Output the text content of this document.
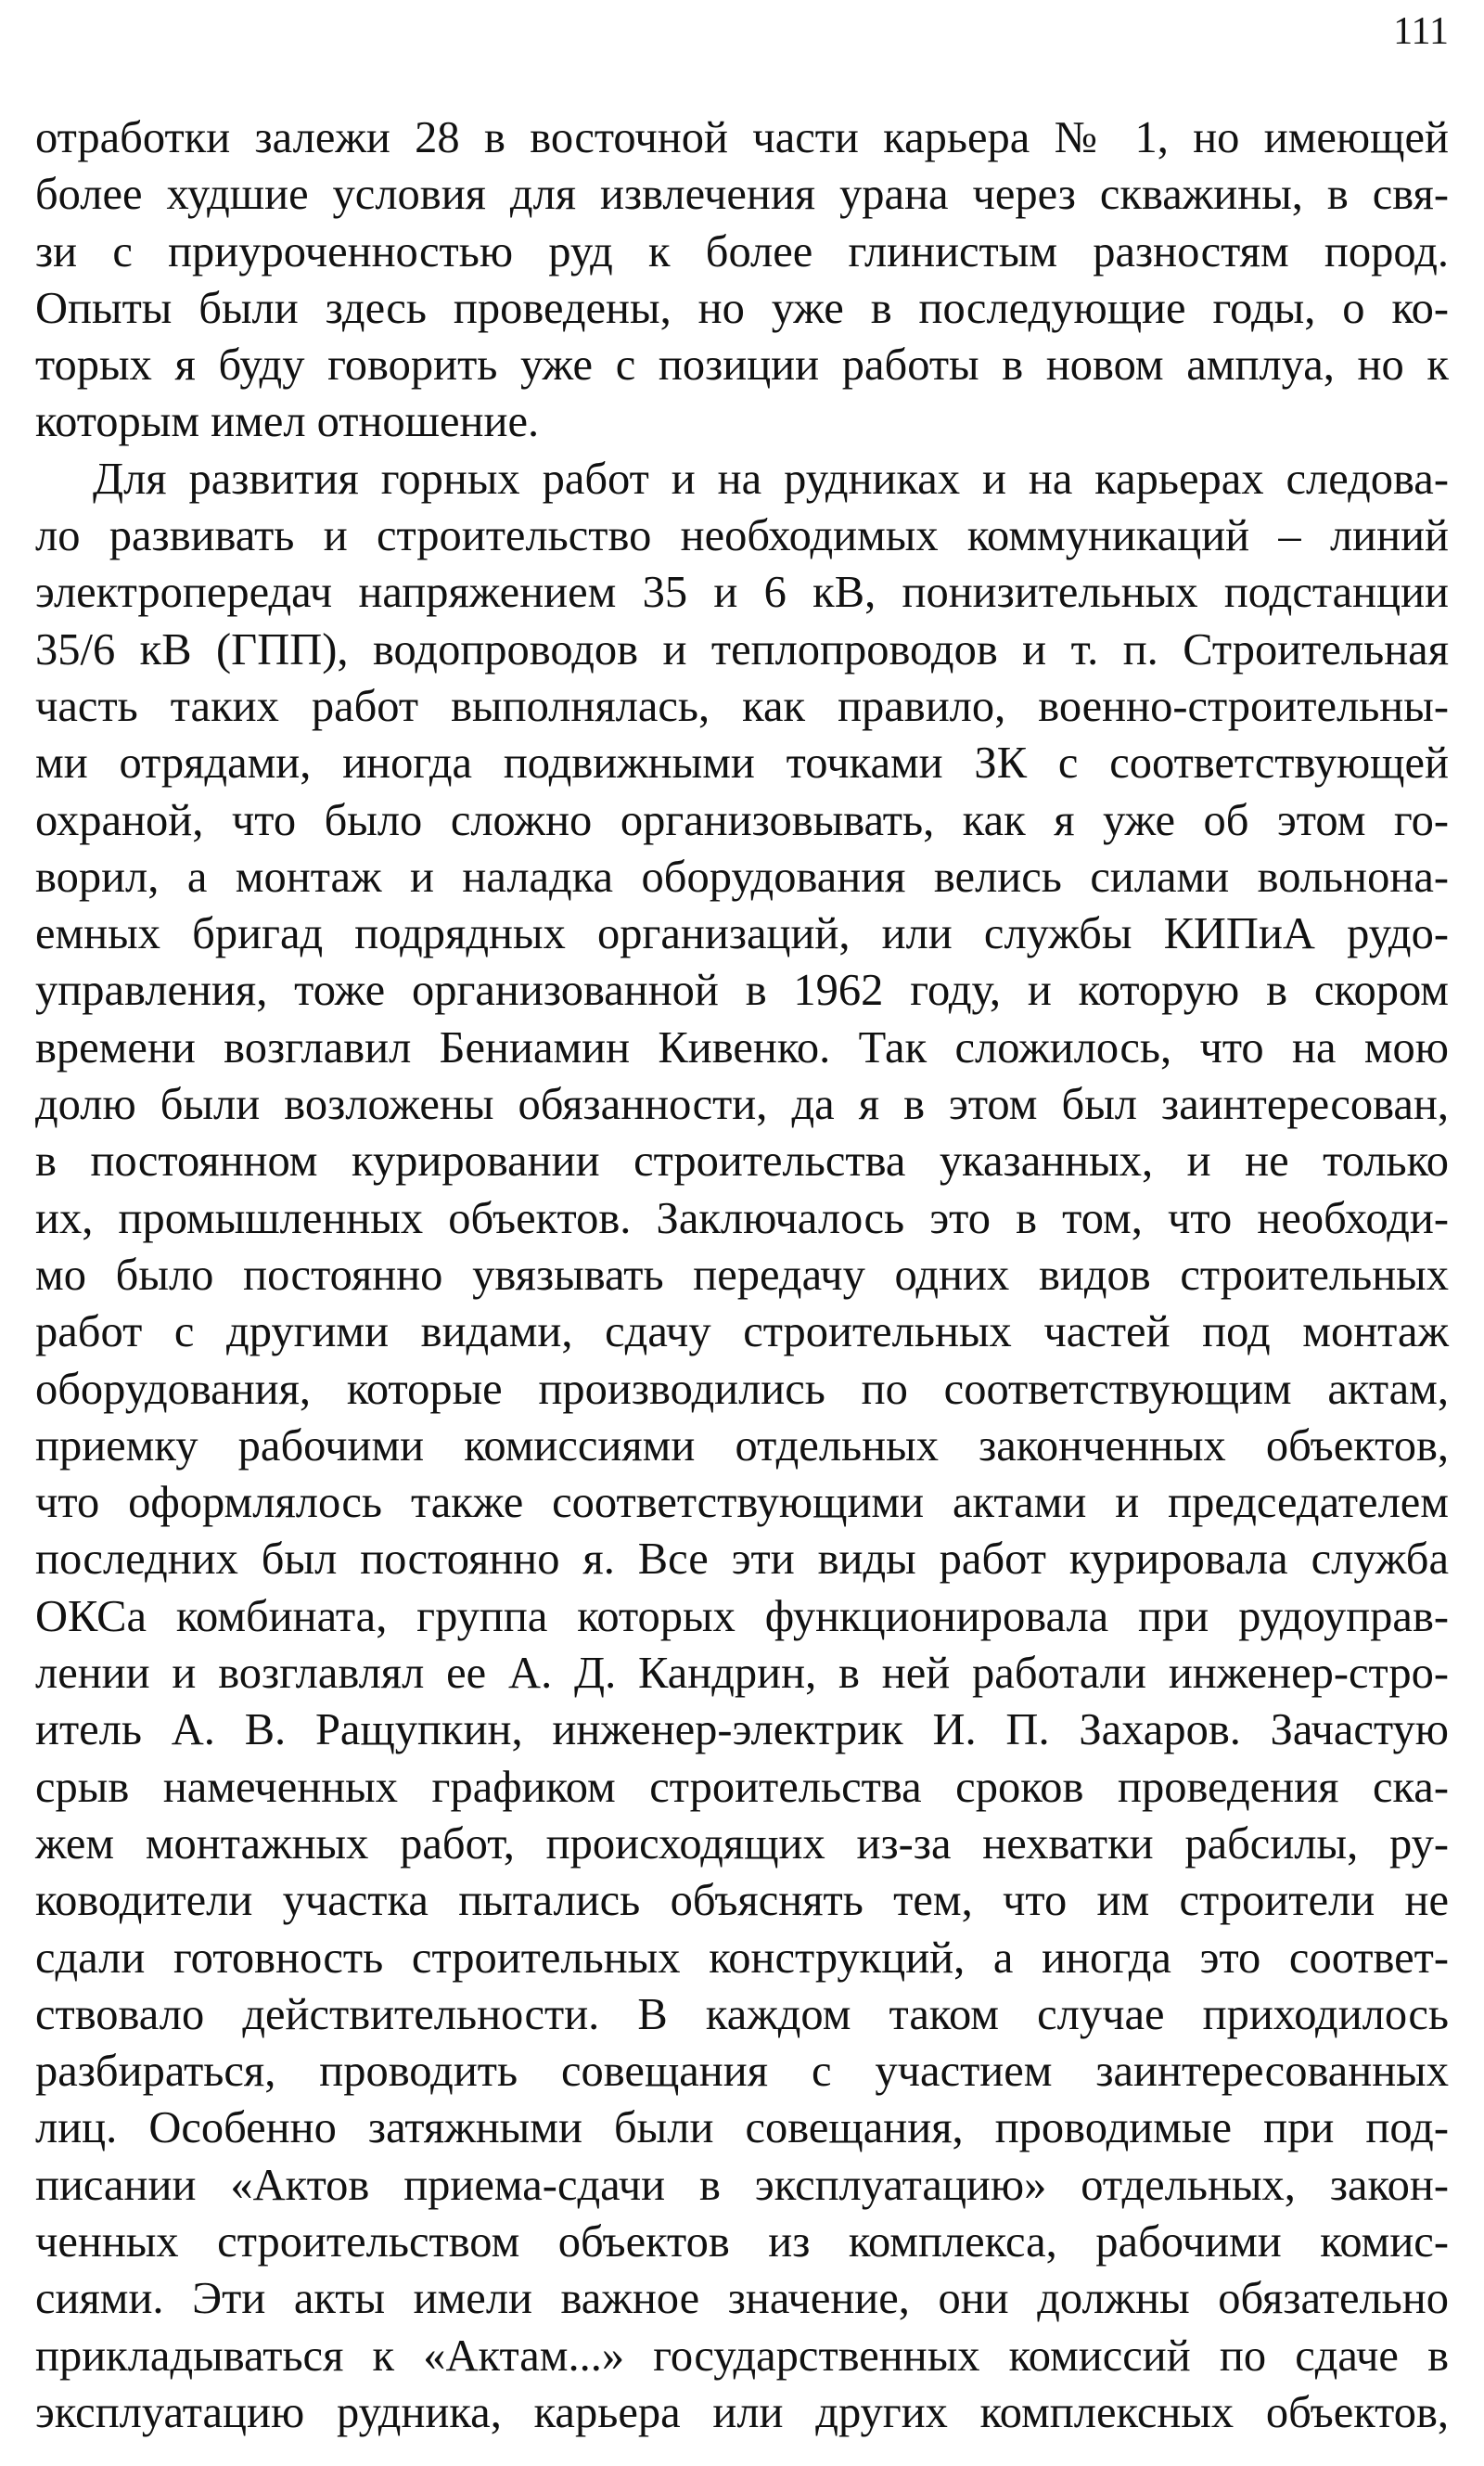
111
отработки залежи 28 в восточной части карьера № 1, но имеющей
более худшие условия для извлечения урана через скважины, в свя-
зи с приуроченностью руд к более глинистым разностям пород.
Опыты были здесь проведены, но уже в последующие годы, о ко-
торых я буду говорить уже с позиции работы в новом амплуа, но к
которым имел отношение.
Для развития горных работ и на рудниках и на карьерах следова-
ло развивать и строительство необходимых коммуникаций – линий
электропередач напряжением 35 и 6 кВ, понизительных подстанции
35/6 кВ (ГПП), водопроводов и теплопроводов и т. п. Строительная
часть таких работ выполнялась, как правило, военно-строительны-
ми отрядами, иногда подвижными точками ЗК с соответствующей
охраной, что было сложно организовывать, как я уже об этом го-
ворил, а монтаж и наладка оборудования велись силами вольнона-
емных бригад подрядных организаций, или службы КИПиА рудо-
управления, тоже организованной в 1962 году, и которую в скором
времени возглавил Бениамин Кивенко. Так сложилось, что на мою
долю были возложены обязанности, да я в этом был заинтересован,
в постоянном курировании строительства указанных, и не только
их, промышленных объектов. Заключалось это в том, что необходи-
мо было постоянно увязывать передачу одних видов строительных
работ с другими видами, сдачу строительных частей под монтаж
оборудования, которые производились по соответствующим актам,
приемку рабочими комиссиями отдельных законченных объектов,
что оформлялось также соответствующими актами и председателем
последних был постоянно я. Все эти виды работ курировала служба
ОКСа комбината, группа которых функционировала при рудоуправ-
лении и возглавлял ее А. Д. Кандрин, в ней работали инженер-стро-
итель А. В. Ращупкин, инженер-электрик И. П. Захаров. Зачастую
срыв намеченных графиком строительства сроков проведения ска-
жем монтажных работ, происходящих из-за нехватки рабсилы, ру-
ководители участка пытались объяснять тем, что им строители не
сдали готовность строительных конструкций, а иногда это соответ-
ствовало действительности. В каждом таком случае приходилось
разбираться, проводить совещания с участием заинтересованных
лиц. Особенно затяжными были совещания, проводимые при под-
писании «Актов приема-сдачи в эксплуатацию» отдельных, закон-
ченных строительством объектов из комплекса, рабочими комис-
сиями. Эти акты имели важное значение, они должны обязательно
прикладываться к «Актам...» государственных комиссий по сдаче в
эксплуатацию рудника, карьера или других комплексных объектов,
